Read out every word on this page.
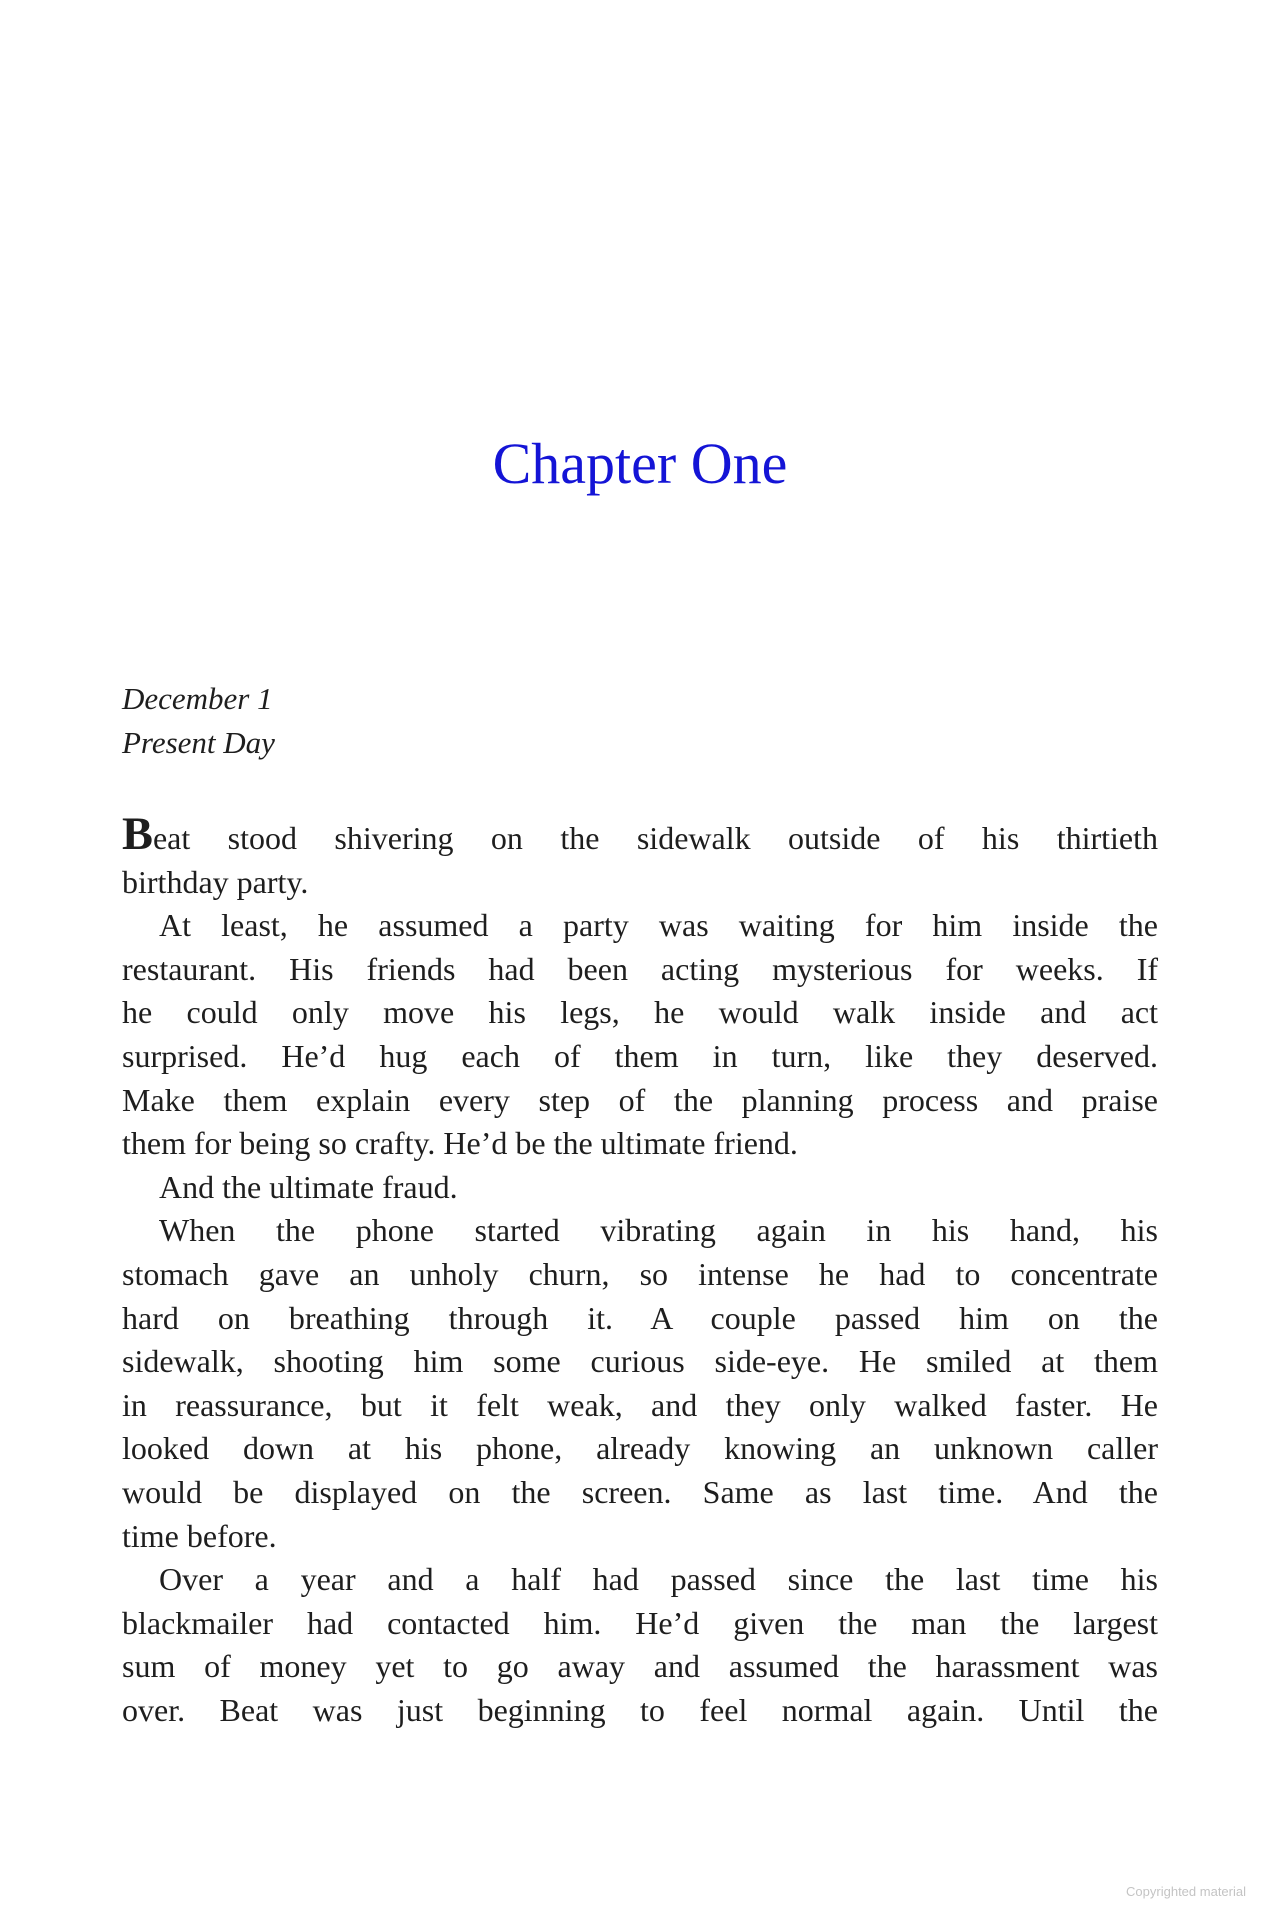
Chapter One
December 1
Present Day
Beat stood shivering on the sidewalk outside of his thirtieth
birthday party.
At least, he assumed a party was waiting for him inside the
restaurant. His friends had been acting mysterious for weeks. If
he could only move his legs, he would walk inside and act
surprised. He’d hug each of them in turn, like they deserved.
Make them explain every step of the planning process and praise
them for being so crafty. He’d be the ultimate friend.
And the ultimate fraud.
When the phone started vibrating again in his hand, his
stomach gave an unholy churn, so intense he had to concentrate
hard on breathing through it. A couple passed him on the
sidewalk, shooting him some curious side-eye. He smiled at them
in reassurance, but it felt weak, and they only walked faster. He
looked down at his phone, already knowing an unknown caller
would be displayed on the screen. Same as last time. And the
time before.
Over a year and a half had passed since the last time his
blackmailer had contacted him. He’d given the man the largest
sum of money yet to go away and assumed the harassment was
over. Beat was just beginning to feel normal again. Until the
Copyrighted material
